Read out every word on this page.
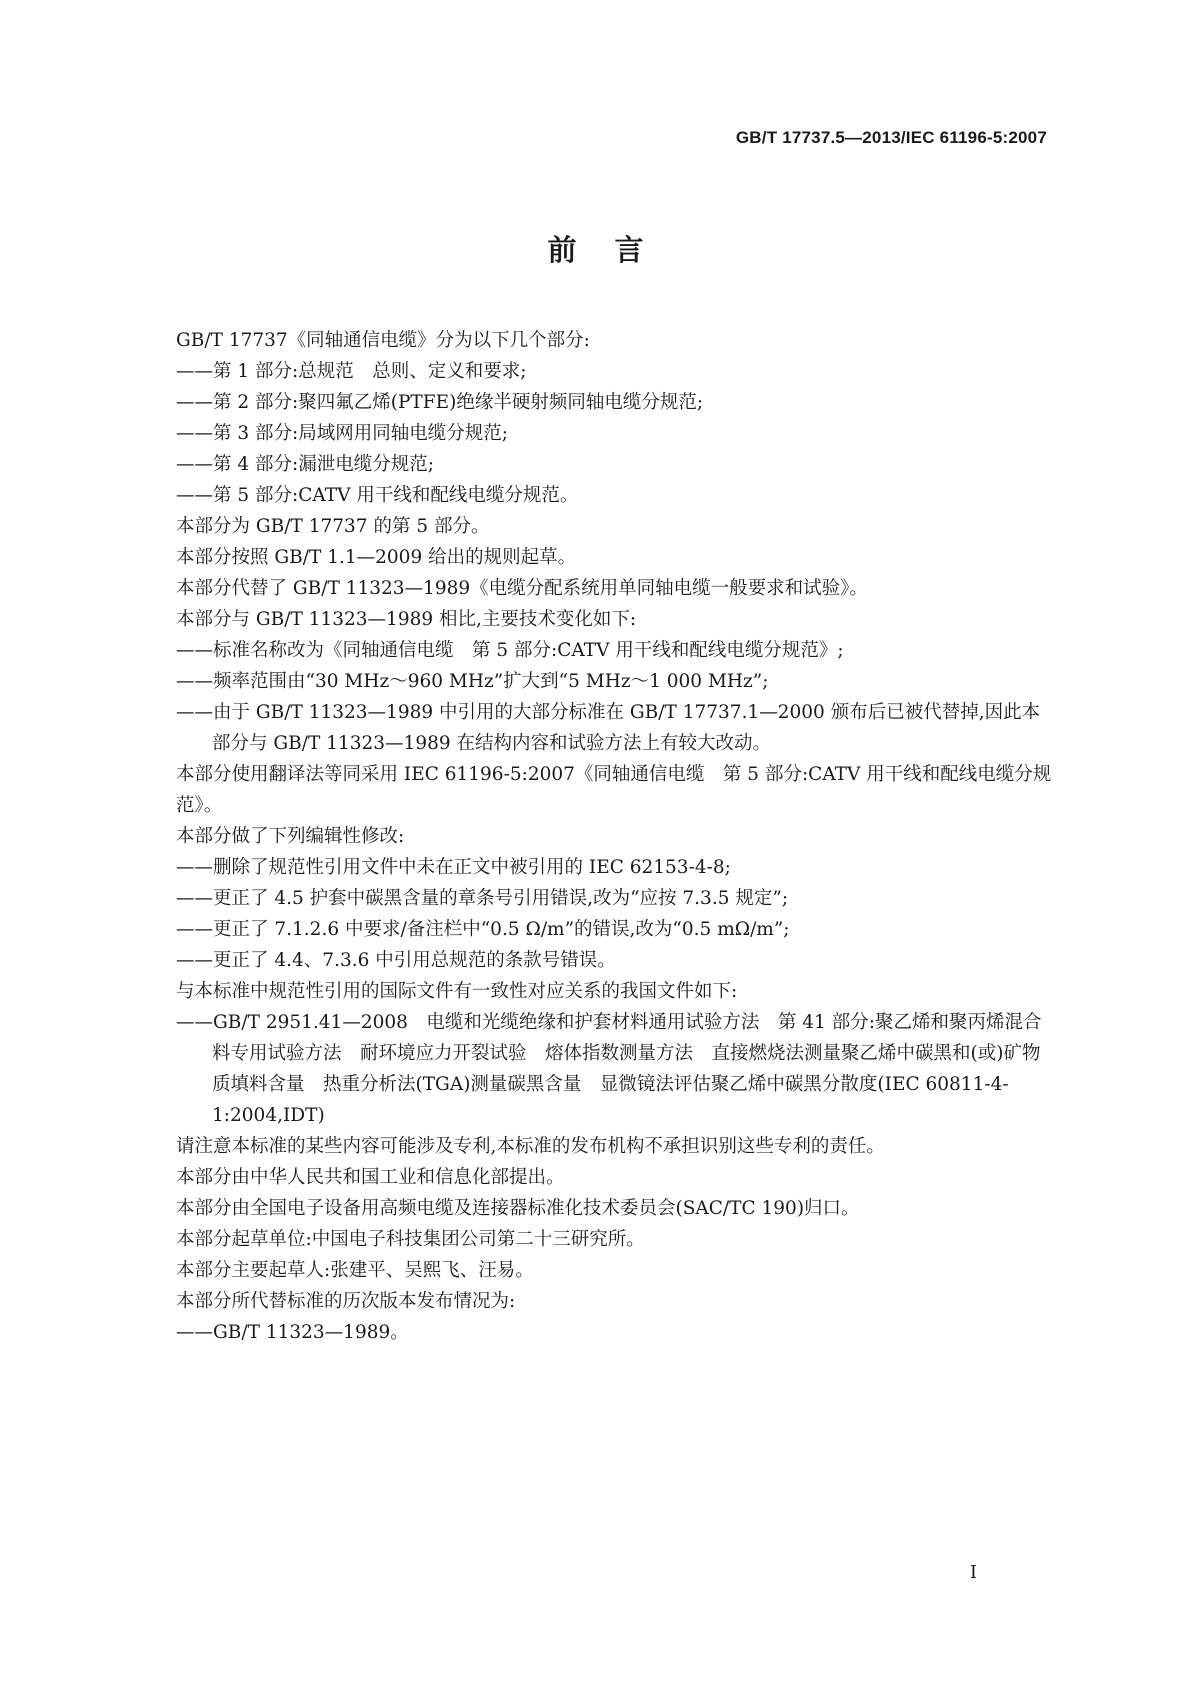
GB/T 17737.5—2013/IEC 61196-5:2007
前言

GB/T 17737《同轴通信电缆》分为以下几个部分:

——第 1 部分:总规范　总则、定义和要求;

——第 2 部分:聚四氟乙烯(PTFE)绝缘半硬射频同轴电缆分规范;

——第 3 部分:局域网用同轴电缆分规范;

——第 4 部分:漏泄电缆分规范;

——第 5 部分:CATV 用干线和配线电缆分规范。

本部分为 GB/T 17737 的第 5 部分。

本部分按照 GB/T 1.1—2009 给出的规则起草。

本部分代替了 GB/T 11323—1989《电缆分配系统用单同轴电缆一般要求和试验》。

本部分与 GB/T 11323—1989 相比,主要技术变化如下:

——标准名称改为《同轴通信电缆　第 5 部分:CATV 用干线和配线电缆分规范》;

——频率范围由“30 MHz～960 MHz”扩大到“5 MHz～1 000 MHz”;

——由于 GB/T 11323—1989 中引用的大部分标准在 GB/T 17737.1—2000 颁布后已被代替掉,因此本部分与 GB/T 11323—1989 在结构内容和试验方法上有较大改动。

本部分使用翻译法等同采用 IEC 61196-5:2007《同轴通信电缆　第 5 部分:CATV 用干线和配线电缆分规范》。

本部分做了下列编辑性修改:

——删除了规范性引用文件中未在正文中被引用的 IEC 62153-4-8;

——更正了 4.5 护套中碳黑含量的章条号引用错误,改为“应按 7.3.5 规定”;

——更正了 7.1.2.6 中要求/备注栏中“0.5 Ω/m”的错误,改为“0.5 mΩ/m”;

——更正了 4.4、7.3.6 中引用总规范的条款号错误。

与本标准中规范性引用的国际文件有一致性对应关系的我国文件如下:

——GB/T 2951.41—2008　电缆和光缆绝缘和护套材料通用试验方法　第 41 部分:聚乙烯和聚丙烯混合料专用试验方法　耐环境应力开裂试验　熔体指数测量方法　直接燃烧法测量聚乙烯中碳黑和(或)矿物质填料含量　热重分析法(TGA)测量碳黑含量　显微镜法评估聚乙烯中碳黑分散度(IEC 60811-4-1:2004,IDT)

请注意本标准的某些内容可能涉及专利,本标准的发布机构不承担识别这些专利的责任。

本部分由中华人民共和国工业和信息化部提出。

本部分由全国电子设备用高频电缆及连接器标准化技术委员会(SAC/TC 190)归口。

本部分起草单位:中国电子科技集团公司第二十三研究所。

本部分主要起草人:张建平、吴熙飞、汪易。

本部分所代替标准的历次版本发布情况为:

——GB/T 11323—1989。

I
